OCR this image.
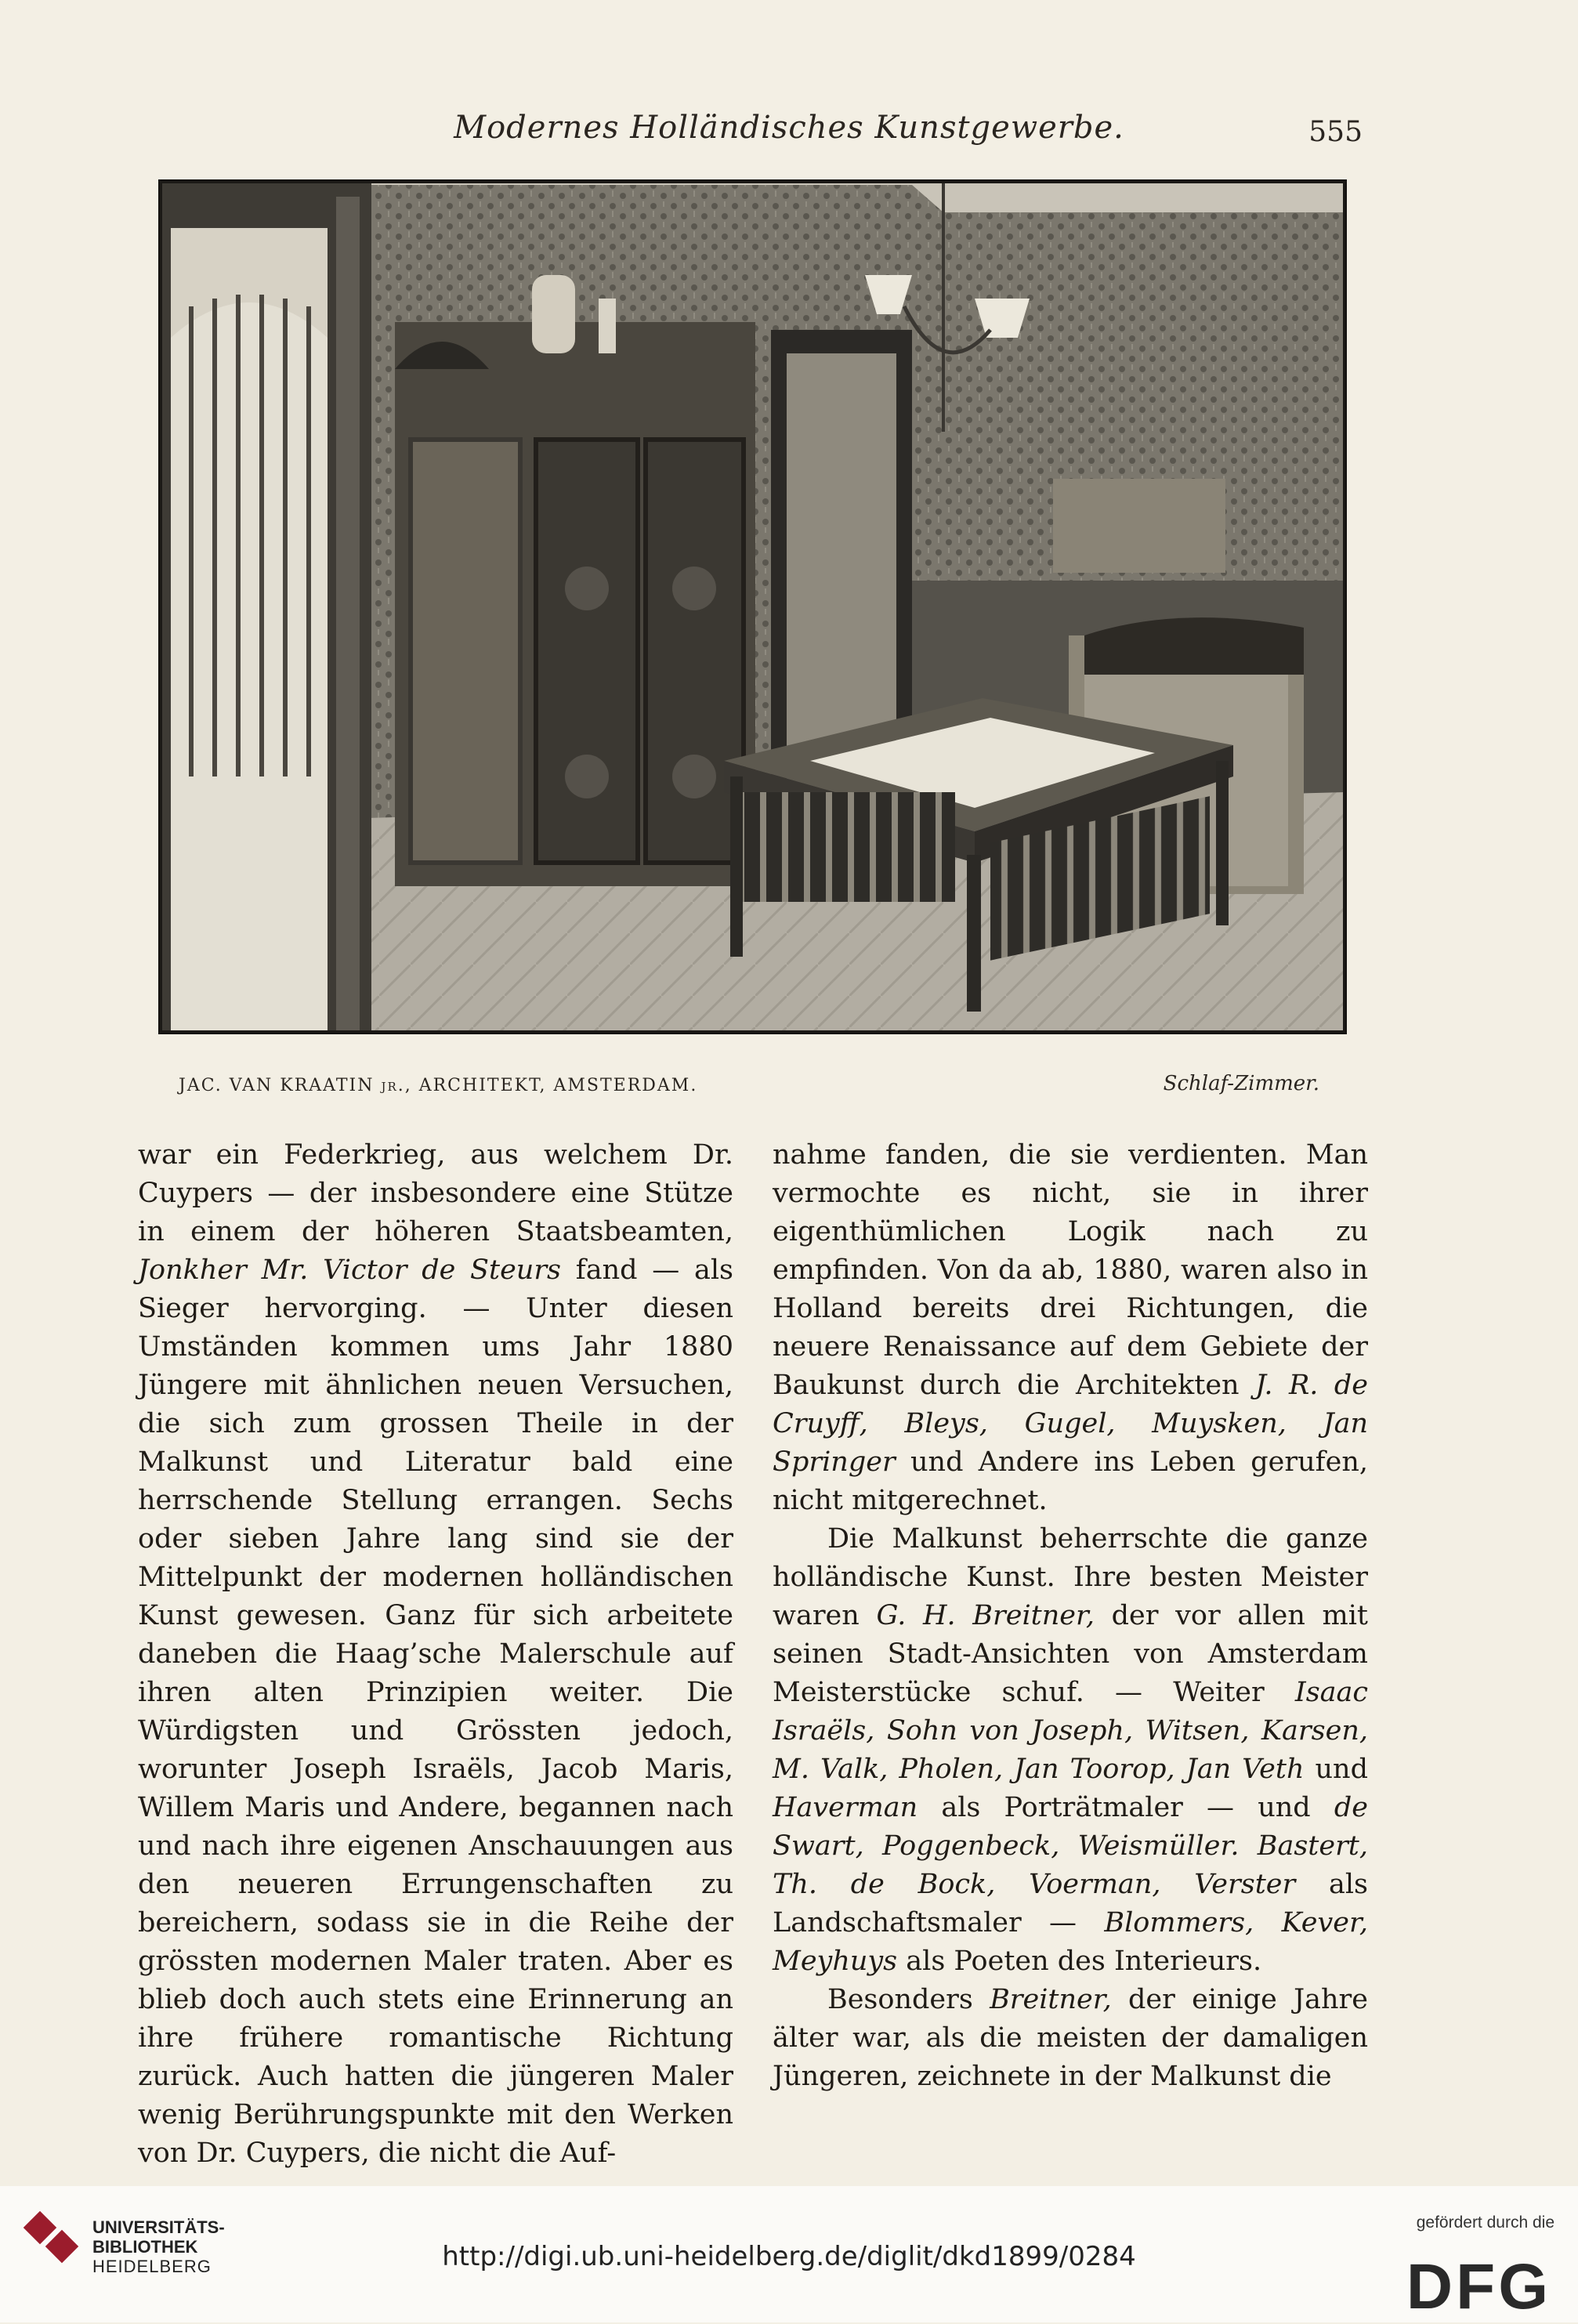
Modernes Holländisches Kunstgewerbe.	555
JAC. VAN KRAATIN jr., ARCHITEKT, AMSTERDAM.	Schlaf-Zimmer.

war ein Federkrieg, aus welchem Dr. Cuypers — der insbesondere eine Stütze in einem der höheren Staatsbeamten, Jonkher Mr. Victor de Steurs fand — als Sieger hervorging. — Unter diesen Umständen kommen ums Jahr 1880 Jüngere mit ähnlichen neuen Versuchen, die sich zum grossen Theile in der Malkunst und Literatur bald eine herrschende Stellung errangen. Sechs oder sieben Jahre lang sind sie der Mittelpunkt der modernen holländischen Kunst gewesen. Ganz für sich arbeitete daneben die Haag’sche Malerschule auf ihren alten Prinzipien weiter. Die Würdigsten und Grössten jedoch, worunter Joseph Israëls, Jacob Maris, Willem Maris und Andere, begannen nach und nach ihre eigenen Anschauungen aus den neueren Errungenschaften zu bereichern, sodass sie in die Reihe der grössten modernen Maler traten. Aber es blieb doch auch stets eine Erinnerung an ihre frühere romantische Richtung zurück. Auch hatten die jüngeren Maler wenig Berührungspunkte mit den Werken von Dr. Cuypers, die nicht die Auf-

nahme fanden, die sie verdienten. Man vermochte es nicht, sie in ihrer eigenthümlichen Logik nach zu empfinden. Von da ab, 1880, waren also in Holland bereits drei Richtungen, die neuere Renaissance auf dem Gebiete der Baukunst durch die Architekten J. R. de Cruyff, Bleys, Gugel, Muysken, Jan Springer und Andere ins Leben gerufen, nicht mitgerechnet.

Die Malkunst beherrschte die ganze holländische Kunst. Ihre besten Meister waren G. H. Breitner, der vor allen mit seinen Stadt-Ansichten von Amsterdam Meisterstücke schuf. — Weiter Isaac Israëls, Sohn von Joseph, Witsen, Karsen, M. Valk, Pholen, Jan Toorop, Jan Veth und Haverman als Porträtmaler — und de Swart, Poggenbeck, Weismüller. Bastert, Th. de Bock, Voerman, Verster als Landschaftsmaler — Blommers, Kever, Meyhuys als Poeten des Interieurs.

Besonders Breitner, der einige Jahre älter war, als die meisten der damaligen Jüngeren, zeichnete in der Malkunst die

UNIVERSITÄTS-
BIBLIOTHEK
HEIDELBERG	http://digi.ub.uni-heidelberg.de/diglit/dkd1899/0284
gefördert durch die
DFG
